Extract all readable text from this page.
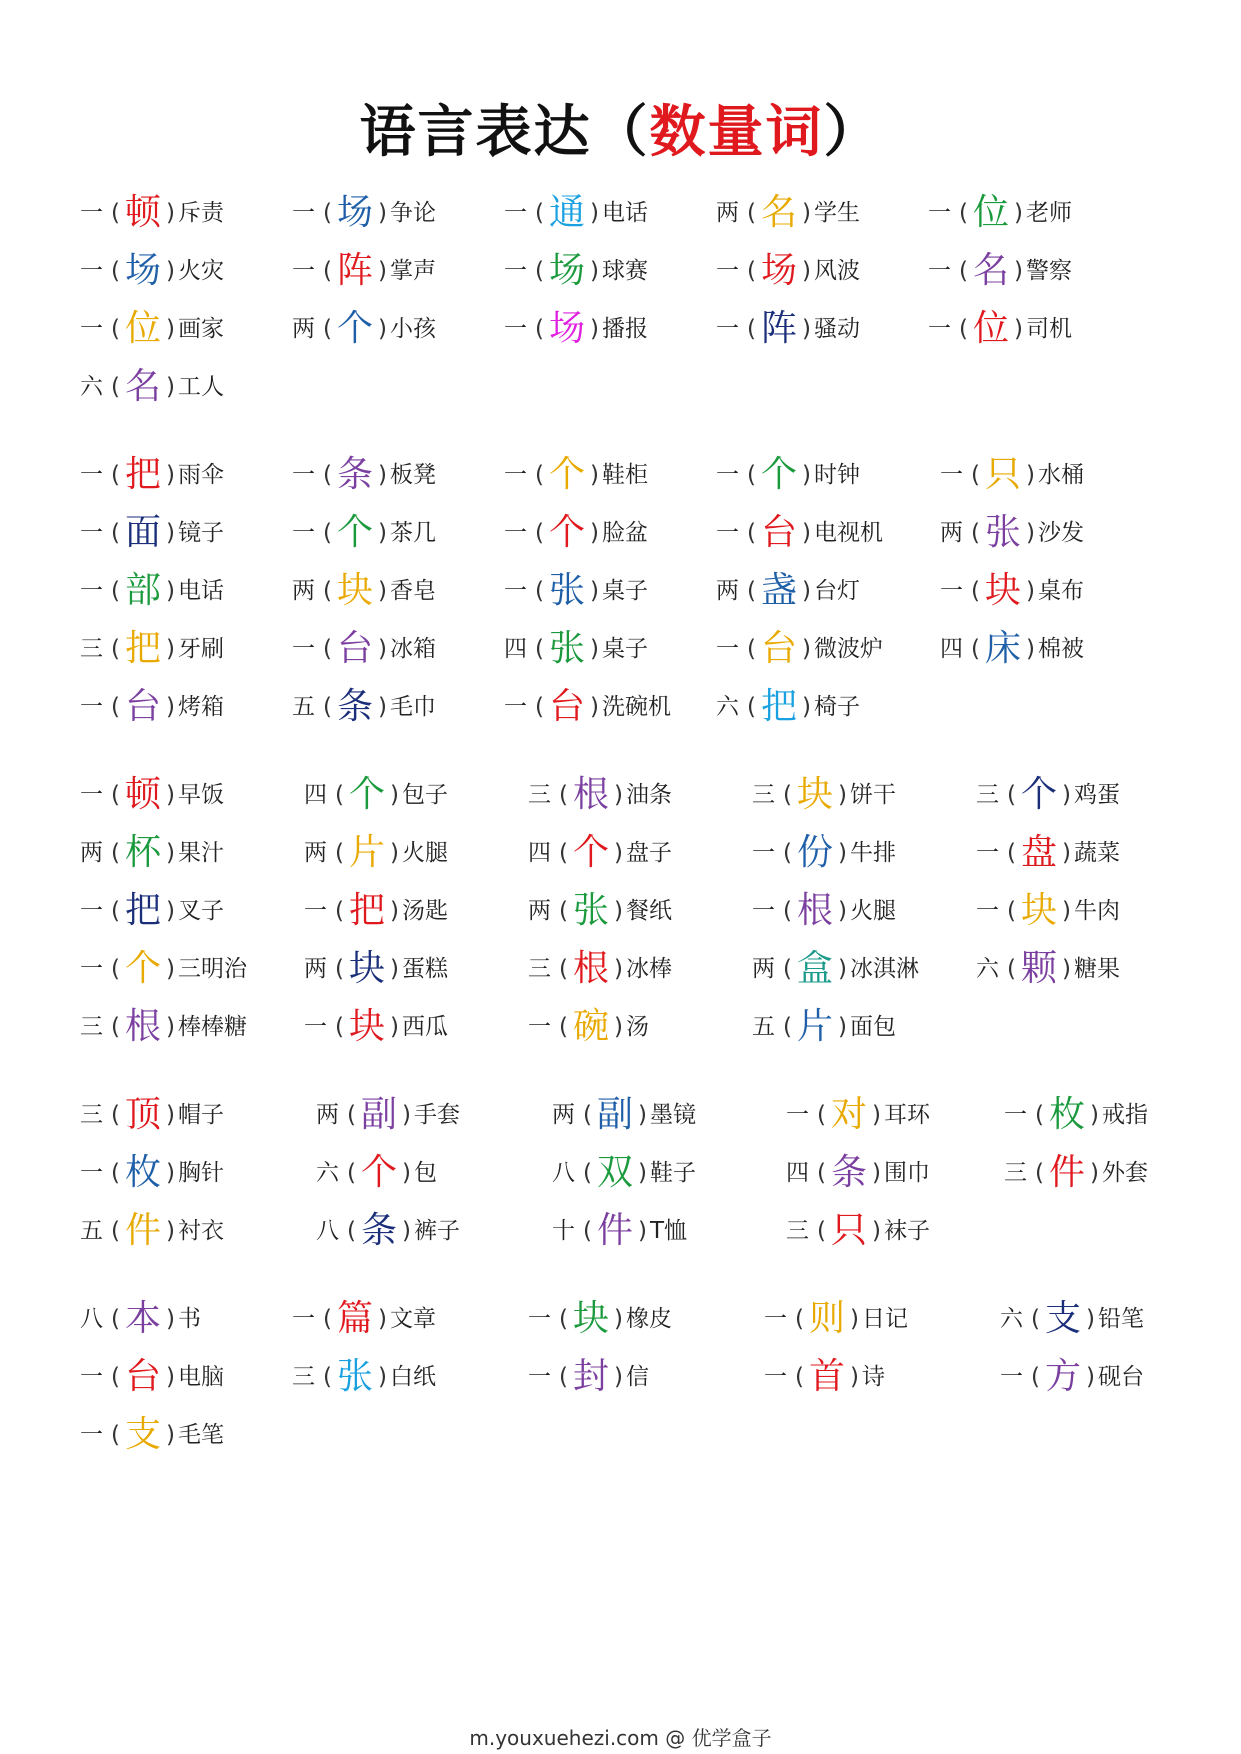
语言表达（数量词）
一 ( 顿 ) 斥责	一 ( 场 ) 争论	一 ( 通 ) 电话	两 ( 名 ) 学生	一 ( 位 ) 老师
一 ( 场 ) 火灾	一 ( 阵 ) 掌声	一 ( 场 ) 球赛	一 ( 场 ) 风波	一 ( 名 ) 警察
一 ( 位 ) 画家	两 ( 个 ) 小孩	一 ( 场 ) 播报	一 ( 阵 ) 骚动	一 ( 位 ) 司机
六 ( 名 ) 工人
一 ( 把 ) 雨伞	一 ( 条 ) 板凳	一 ( 个 ) 鞋柜	一 ( 个 ) 时钟	一 ( 只 ) 水桶
一 ( 面 ) 镜子	一 ( 个 ) 茶几	一 ( 个 ) 脸盆	一 ( 台 ) 电视机 两 ( 张 ) 沙发
一 ( 部 ) 电话	两 ( 块 ) 香皂	一 ( 张 ) 桌子	两 ( 盏 ) 台灯	一 ( 块 ) 桌布
三 ( 把 ) 牙刷	一 ( 台 ) 冰箱	四 ( 张 ) 桌子	一 ( 台 ) 微波炉 四 ( 床 ) 棉被
一 ( 台 ) 烤箱	五 ( 条 ) 毛巾	一 ( 台 ) 洗碗机 六 ( 把 ) 椅子
一 ( 顿 ) 早饭	四 ( 个 ) 包子	三 ( 根 ) 油条	三 ( 块 ) 饼干	三 ( 个 ) 鸡蛋
两 ( 杯 ) 果汁	两 ( 片 ) 火腿	四 ( 个 ) 盘子	一 ( 份 ) 牛排	一 ( 盘 ) 蔬菜
一 ( 把 ) 叉子	一 ( 把 ) 汤匙	两 ( 张 ) 餐纸	一 ( 根 ) 火腿	一 ( 块 ) 牛肉
一 ( 个 ) 三明治 两 ( 块 ) 蛋糕	三 ( 根 ) 冰棒	两 ( 盒 ) 冰淇淋 六 ( 颗 ) 糖果
三 ( 根 ) 棒棒糖 一 ( 块 ) 西瓜	一 ( 碗 ) 汤	五 ( 片 ) 面包
三 ( 顶 ) 帽子	两 ( 副 ) 手套	两 ( 副 ) 墨镜	一 ( 对 ) 耳环	一 ( 枚 ) 戒指
一 ( 枚 ) 胸针	六 ( 个 ) 包	八 ( 双 ) 鞋子	四 ( 条 ) 围巾	三 ( 件 ) 外套
五 ( 件 ) 衬衣	八 ( 条 ) 裤子	十 ( 件 ) T恤	三 ( 只 ) 袜子
八 ( 本 ) 书	一 ( 篇 ) 文章	一 ( 块 ) 橡皮	一 ( 则 ) 日记	六 ( 支 ) 铅笔
一 ( 台 ) 电脑	三 ( 张 ) 白纸	一 ( 封 ) 信	一 ( 首 ) 诗	一 ( 方 ) 砚台
一 ( 支 ) 毛笔
m.youxuehezi.com @ 优学盒子
